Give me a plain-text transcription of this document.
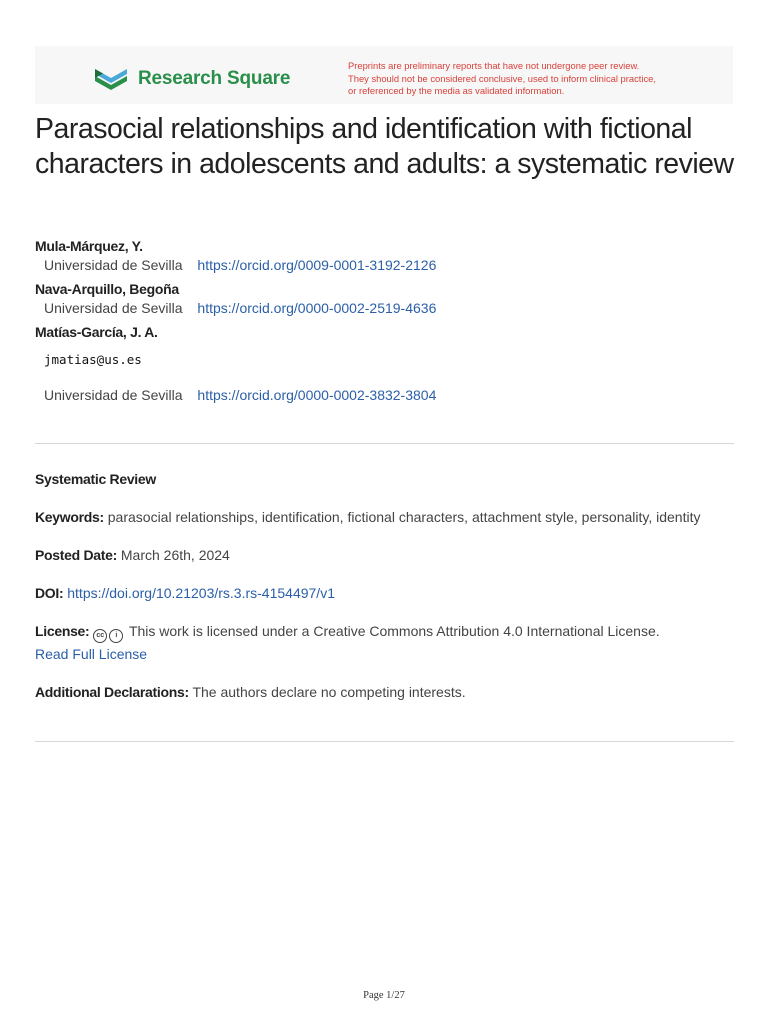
Research Square
Preprints are preliminary reports that have not undergone peer review.
They should not be considered conclusive, used to inform clinical practice,
or referenced by the media as validated information.
Parasocial relationships and identification with fictional characters in adolescents and adults: a systematic review
Mula-Márquez, Y.
Universidad de Sevilla https://orcid.org/0009-0001-3192-2126
Nava-Arquillo, Begoña
Universidad de Sevilla https://orcid.org/0000-0002-2519-4636
Matías-García, J. A.
jmatias@us.es
Universidad de Sevilla https://orcid.org/0000-0002-3832-3804

Systematic Review

Keywords: parasocial relationships, identification, fictional characters, attachment style, personality, identity

Posted Date: March 26th, 2024

DOI: https://doi.org/10.21203/rs.3.rs-4154497/v1

License: cc i This work is licensed under a Creative Commons Attribution 4.0 International License.
Read Full License

Additional Declarations: The authors declare no competing interests.

Page 1/27
